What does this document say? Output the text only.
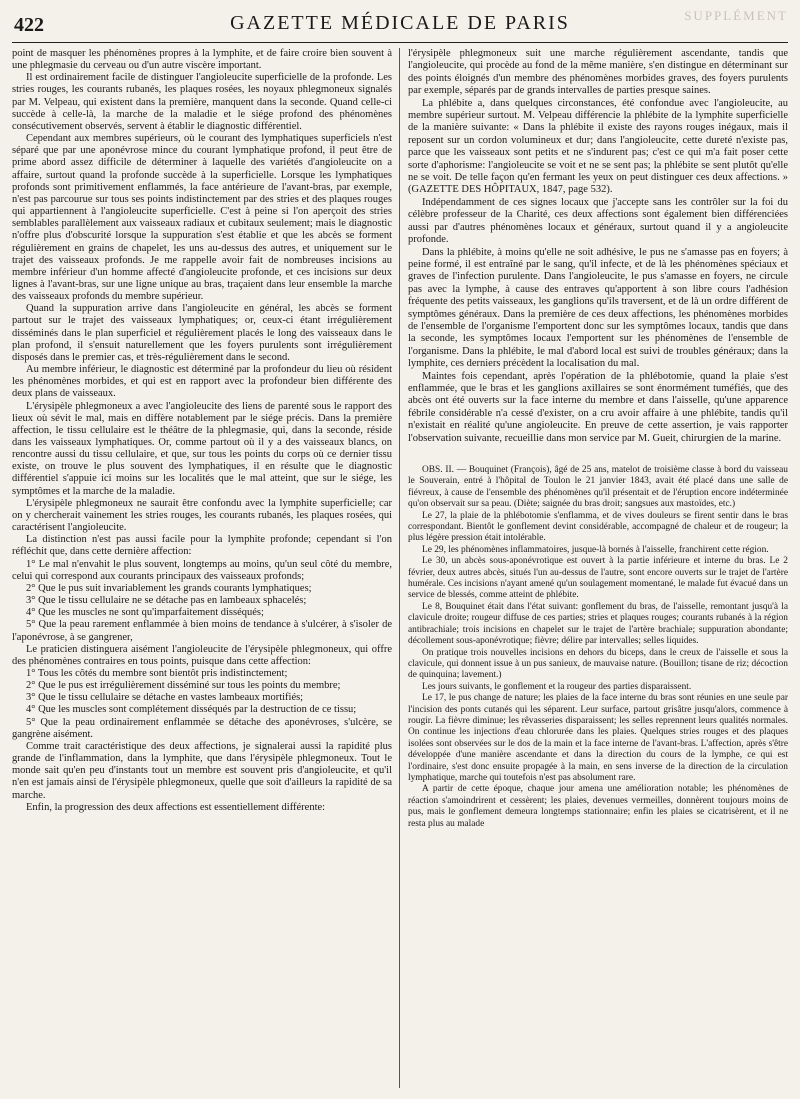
422	GAZETTE MÉDICALE DE PARIS	SUPPLÉMENT

point de masquer les phénomènes propres à la lymphite, et de faire croire bien souvent à une phlegmasie du cerveau ou d'un autre viscère important.

Il est ordinairement facile de distinguer l'angioleucite superficielle de la profonde. Les stries rouges, les courants rubanés, les plaques rosées, les noyaux phlegmoneux signalés par M. Velpeau, qui existent dans la première, manquent dans la seconde. Quand celle-ci succède à celle-là, la marche de la maladie et le siége profond des phénomènes consécutivement observés, servent à établir le diagnostic différentiel.

Cependant aux membres supérieurs, où le courant des lymphatiques superficiels n'est séparé que par une aponévrose mince du courant lymphatique profond, il peut être de prime abord assez difficile de déterminer à laquelle des variétés d'angioleucite on a affaire, surtout quand la profonde succède à la superficielle. Lorsque les lymphatiques profonds sont primitivement enflammés, la face antérieure de l'avant-bras, par exemple, n'est pas parcourue sur tous ses points indistinctement par des stries et des plaques rouges qui appartiennent à l'angioleucite superficielle. C'est à peine si l'on aperçoit des stries semblables parallèlement aux vaisseaux radiaux et cubitaux seulement; mais le diagnostic n'offre plus d'obscurité lorsque la suppuration s'est établie et que les abcès se forment régulièrement en grains de chapelet, les uns au-dessus des autres, et uniquement sur le trajet des vaisseaux profonds. Je me rappelle avoir fait de nombreuses incisions au membre inférieur d'un homme affecté d'angioleucite profonde, et ces incisions sur deux lignes à l'avant-bras, sur une ligne unique au bras, traçaient dans leur ensemble la marche des vaisseaux profonds du membre supérieur.

Quand la suppuration arrive dans l'angioleucite en général, les abcès se forment partout sur le trajet des vaisseaux lymphatiques; or, ceux-ci étant irrégulièrement disséminés dans le plan superficiel et régulièrement placés le long des vaisseaux dans le plan profond, il s'ensuit naturellement que les foyers purulents sont irrégulièrement disposés dans le premier cas, et très-régulièrement dans le second.

Au membre inférieur, le diagnostic est déterminé par la profondeur du lieu où résident les phénomènes morbides, et qui est en rapport avec la profondeur bien différente des deux plans de vaisseaux.

L'érysipèle phlegmoneux a avec l'angioleucite des liens de parenté sous le rapport des lieux où sévit le mal, mais en diffère notablement par le siége précis. Dans la première affection, le tissu cellulaire est le théâtre de la phlegmasie, qui, dans la seconde, réside dans les vaisseaux lymphatiques. Or, comme partout où il y a des vaisseaux blancs, on rencontre aussi du tissu cellulaire, et que, sur tous les points du corps où ce dernier tissu existe, on trouve le plus souvent des lymphatiques, il en résulte que le diagnostic différentiel s'appuie ici moins sur les localités que le mal atteint, que sur le siége, les symptômes et la marche de la maladie.

L'érysipèle phlegmoneux ne saurait être confondu avec la lymphite superficielle; car on y chercherait vainement les stries rouges, les courants rubanés, les plaques rosées, qui caractérisent l'angioleucite.

La distinction n'est pas aussi facile pour la lymphite profonde; cependant si l'on réfléchit que, dans cette dernière affection:

1° Le mal n'envahit le plus souvent, longtemps au moins, qu'un seul côté du membre, celui qui correspond aux courants principaux des vaisseaux profonds;

2° Que le pus suit invariablement les grands courants lymphatiques;

3° Que le tissu cellulaire ne se détache pas en lambeaux sphacelés;

4° Que les muscles ne sont qu'imparfaitement disséqués;

5° Que la peau rarement enflammée à bien moins de tendance à s'ulcérer, à s'isoler de l'aponévrose, à se gangrener,

Le praticien distinguera aisément l'angioleucite de l'érysipèle phlegmoneux, qui offre des phénomènes contraires en tous points, puisque dans cette affection:

1° Tous les côtés du membre sont bientôt pris indistinctement;

2° Que le pus est irrégulièrement disséminé sur tous les points du membre;

3° Que le tissu cellulaire se détache en vastes lambeaux mortifiés;

4° Que les muscles sont complétement disséqués par la destruction de ce tissu;

5° Que la peau ordinairement enflammée se détache des aponévroses, s'ulcère, se gangrène aisément.

Comme trait caractéristique des deux affections, je signalerai aussi la rapidité plus grande de l'inflammation, dans la lymphite, que dans l'érysipèle phlegmoneux. Tout le monde sait qu'en peu d'instants tout un membre est souvent pris d'angioleucite, et qu'il n'en est jamais ainsi de l'érysipèle phlegmoneux, quelle que soit d'ailleurs la rapidité de sa marche.

Enfin, la progression des deux affections est essentiellement différente:

l'érysipèle phlegmoneux suit une marche régulièrement ascendante, tandis que l'angioleucite, qui procède au fond de la même manière, s'en distingue en déterminant sur des points éloignés d'un membre des phénomènes morbides graves, des foyers purulents par exemple, séparés par de grands intervalles de parties presque saines.

La phlébite a, dans quelques circonstances, été confondue avec l'angioleucite, au membre supérieur surtout. M. Velpeau différencie la phlébite de la lymphite superficielle de la manière suivante: « Dans la phlébite il existe des rayons rouges inégaux, mais il reposent sur un cordon volumineux et dur; dans l'angioleucite, cette dureté n'existe pas, parce que les vaisseaux sont petits et ne s'indurent pas; c'est ce qui m'a fait poser cette sorte d'aphorisme: l'angioleucite se voit et ne se sent pas; la phlébite se sent plutôt qu'elle ne se voit. De telle façon qu'en fermant les yeux on peut distinguer ces deux affections. » (GAZETTE DES HÔPITAUX, 1847, page 532).

Indépendamment de ces signes locaux que j'accepte sans les contrôler sur la foi du célèbre professeur de la Charité, ces deux affections sont également bien différenciées aussi par d'autres phénomènes locaux et généraux, surtout quand il y a angioleucite profonde.

Dans la phlébite, à moins qu'elle ne soit adhésive, le pus ne s'amasse pas en foyers; à peine formé, il est entraîné par le sang, qu'il infecte, et de là les phénomènes spéciaux et graves de l'infection purulente. Dans l'angioleucite, le pus s'amasse en foyers, ne circule pas avec la lymphe, à cause des entraves qu'apportent à son libre cours l'adhésion fréquente des petits vaisseaux, les ganglions qu'ils traversent, et de là un ordre différent de symptômes généraux. Dans la première de ces deux affections, les phénomènes morbides de l'ensemble de l'organisme l'emportent donc sur les symptômes locaux, tandis que dans la seconde, les symptômes locaux l'emportent sur les phénomènes de l'ensemble de l'organisme. Dans la phlébite, le mal d'abord local est suivi de troubles généraux; dans la lymphite, ces derniers précèdent la localisation du mal.

Maintes fois cependant, après l'opération de la phlébotomie, quand la plaie s'est enflammée, que le bras et les ganglions axillaires se sont énormément tuméfiés, que des abcès ont été ouverts sur la face interne du membre et dans l'aisselle, qu'une apparence fébrile considérable n'a cessé d'exister, on a cru avoir affaire à une phlébite, tandis qu'il n'existait en réalité qu'une angioleucite. En preuve de cette assertion, je vais rapporter l'observation suivante, recueillie dans mon service par M. Gueit, chirurgien de la marine.

OBS. II. — Bouquinet (François), âgé de 25 ans, matelot de troisième classe à bord du vaisseau le Souverain, entré à l'hôpital de Toulon le 21 janvier 1843, avait été placé dans une salle de fiévreux, à cause de l'ensemble des phénomènes qu'il présentait et de l'éruption encore indéterminée qu'on observait sur sa peau. (Diète; saignée du bras droit; sangsues aux mastoïdes, etc.)

Le 27, la plaie de la phlébotomie s'enflamma, et de vives douleurs se firent sentir dans le bras correspondant. Bientôt le gonflement devint considérable, accompagné de chaleur et de rougeur; la plus légère pression était intolérable.

Le 29, les phénomènes inflammatoires, jusque-là bornés à l'aisselle, franchirent cette région.

Le 30, un abcès sous-aponévrotique est ouvert à la partie inférieure et interne du bras. Le 2 février, deux autres abcès, situés l'un au-dessus de l'autre, sont encore ouverts sur le trajet de l'artère humérale. Ces incisions n'ayant amené qu'un soulagement momentané, le malade fut évacué dans un service de blessés, comme atteint de phlébite.

Le 8, Bouquinet était dans l'état suivant: gonflement du bras, de l'aisselle, remontant jusqu'à la clavicule droite; rougeur diffuse de ces parties; stries et plaques rouges; courants rubanés à la région antibrachiale; trois incisions en chapelet sur le trajet de l'artère brachiale; suppuration abondante; décollement sous-aponévrotique; fièvre; délire par intervalles; selles liquides.

On pratique trois nouvelles incisions en dehors du biceps, dans le creux de l'aisselle et sous la clavicule, qui donnent issue à un pus sanieux, de mauvaise nature. (Bouillon; tisane de riz; décoction de quinquina; lavement.)

Les jours suivants, le gonflement et la rougeur des parties disparaissent.

Le 17, le pus change de nature; les plaies de la face interne du bras sont réunies en une seule par l'incision des ponts cutanés qui les séparent. Leur surface, partout grisâtre jusqu'alors, commence à rougir. La fièvre diminue; les rêvasseries disparaissent; les selles reprennent leurs qualités normales. On continue les injections d'eau chlorurée dans les plaies. Quelques stries rouges et des plaques isolées sont observées sur le dos de la main et la face interne de l'avant-bras. L'affection, après s'être développée d'une manière ascendante et dans la direction du cours de la lymphe, ce qui est l'ordinaire, s'est donc ensuite propagée à la main, en sens inverse de la direction de la circulation lymphatique, marche qui toutefois n'est pas absolument rare.

A partir de cette époque, chaque jour amena une amélioration notable; les phénomènes de réaction s'amoindrirent et cessèrent; les plaies, devenues vermeilles, donnèrent toujours moins de pus, mais le gonflement demeura longtemps stationnaire; enfin les plaies se cicatrisèrent, et il ne resta plus au malade
